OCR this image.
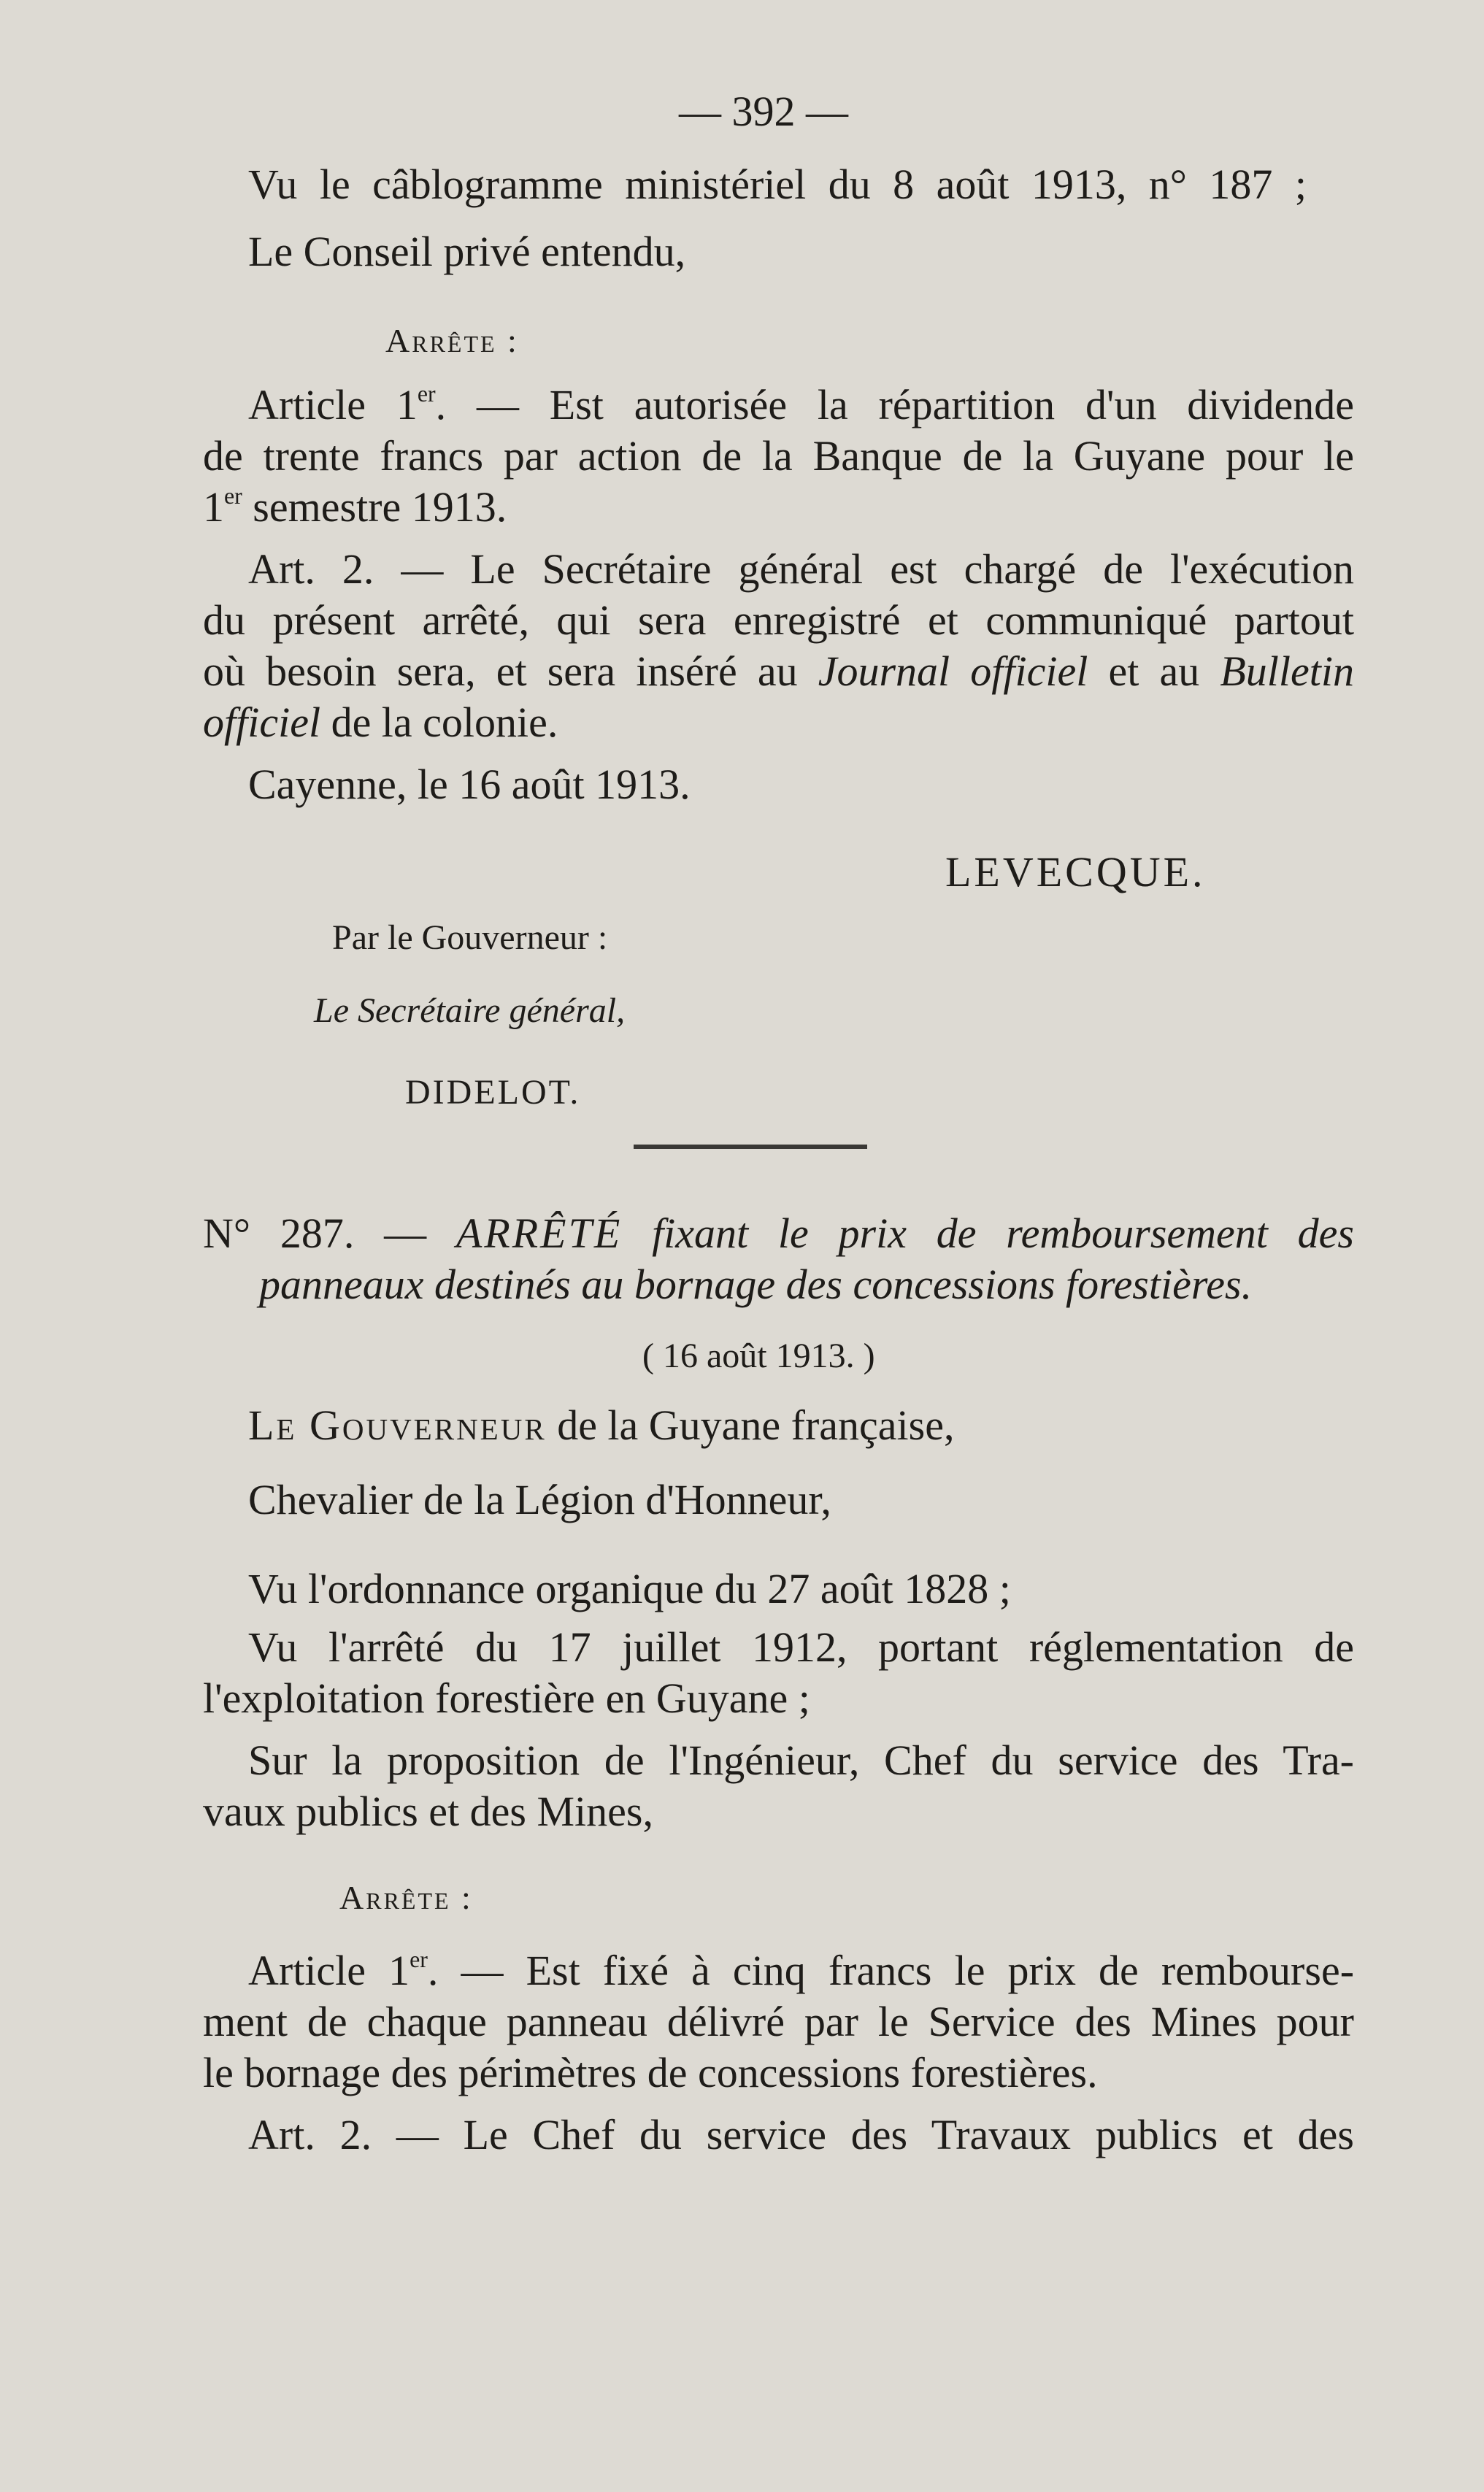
— 392 —
Vu le câblogramme ministériel du 8 août 1913, n° 187 ;
Le Conseil privé entendu,
Arrête :
Article 1er. — Est autorisée la répartition d'un dividende
de trente francs par action de la Banque de la Guyane pour le
1er semestre 1913.
Art. 2. — Le Secrétaire général est chargé de l'exécution
du présent arrêté, qui sera enregistré et communiqué partout
où besoin sera, et sera inséré au Journal officiel et au Bulletin
officiel de la colonie.
Cayenne, le 16 août 1913.
LEVECQUE.
Par le Gouverneur :
Le Secrétaire général,
DIDELOT.
N° 287. — ARRÊTÉ fixant le prix de remboursement des
panneaux destinés au bornage des concessions forestières.
( 16 août 1913. )
Le Gouverneur de la Guyane française,
Chevalier de la Légion d'Honneur,
Vu l'ordonnance organique du 27 août 1828 ;
Vu l'arrêté du 17 juillet 1912, portant réglementation de
l'exploitation forestière en Guyane ;
Sur la proposition de l'Ingénieur, Chef du service des Tra-
vaux publics et des Mines,
Arrête :
Article 1er. — Est fixé à cinq francs le prix de rembourse-
ment de chaque panneau délivré par le Service des Mines pour
le bornage des périmètres de concessions forestières.
Art. 2. — Le Chef du service des Travaux publics et des
